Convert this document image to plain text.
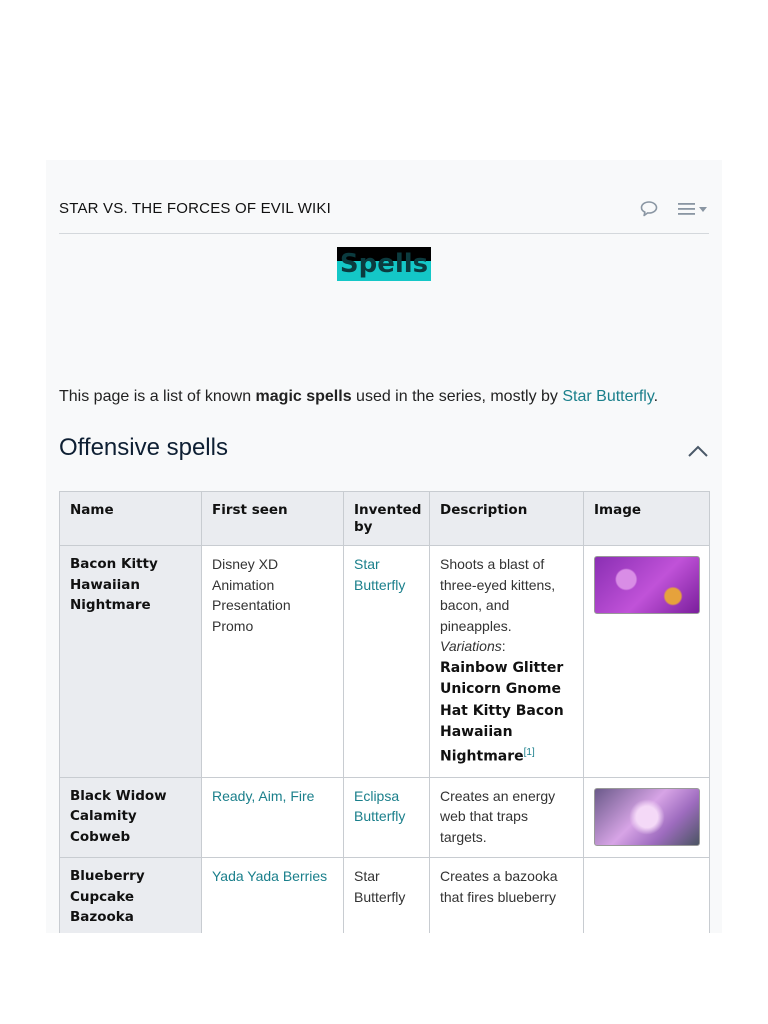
STAR VS. THE FORCES OF EVIL WIKI
Spells
This page is a list of known magic spells used in the series, mostly by Star Butterfly.
Offensive spells
Name	First seen	Invented by	Description	Image
Bacon Kitty Hawaiian Nightmare	Disney XD Animation Presentation Promo	Star Butterfly	Shoots a blast of three-eyed kittens, bacon, and pineapples.
Variations:
Rainbow Glitter Unicorn Gnome Hat Kitty Bacon Hawaiian Nightmare[1]	

Black Widow Calamity Cobweb	Ready, Aim, Fire	Eclipsa Butterfly	Creates an energy web that traps targets.	

Blueberry Cupcake Bazooka	Yada Yada Berries	Star Butterfly	Creates a bazooka that fires blueberry	
